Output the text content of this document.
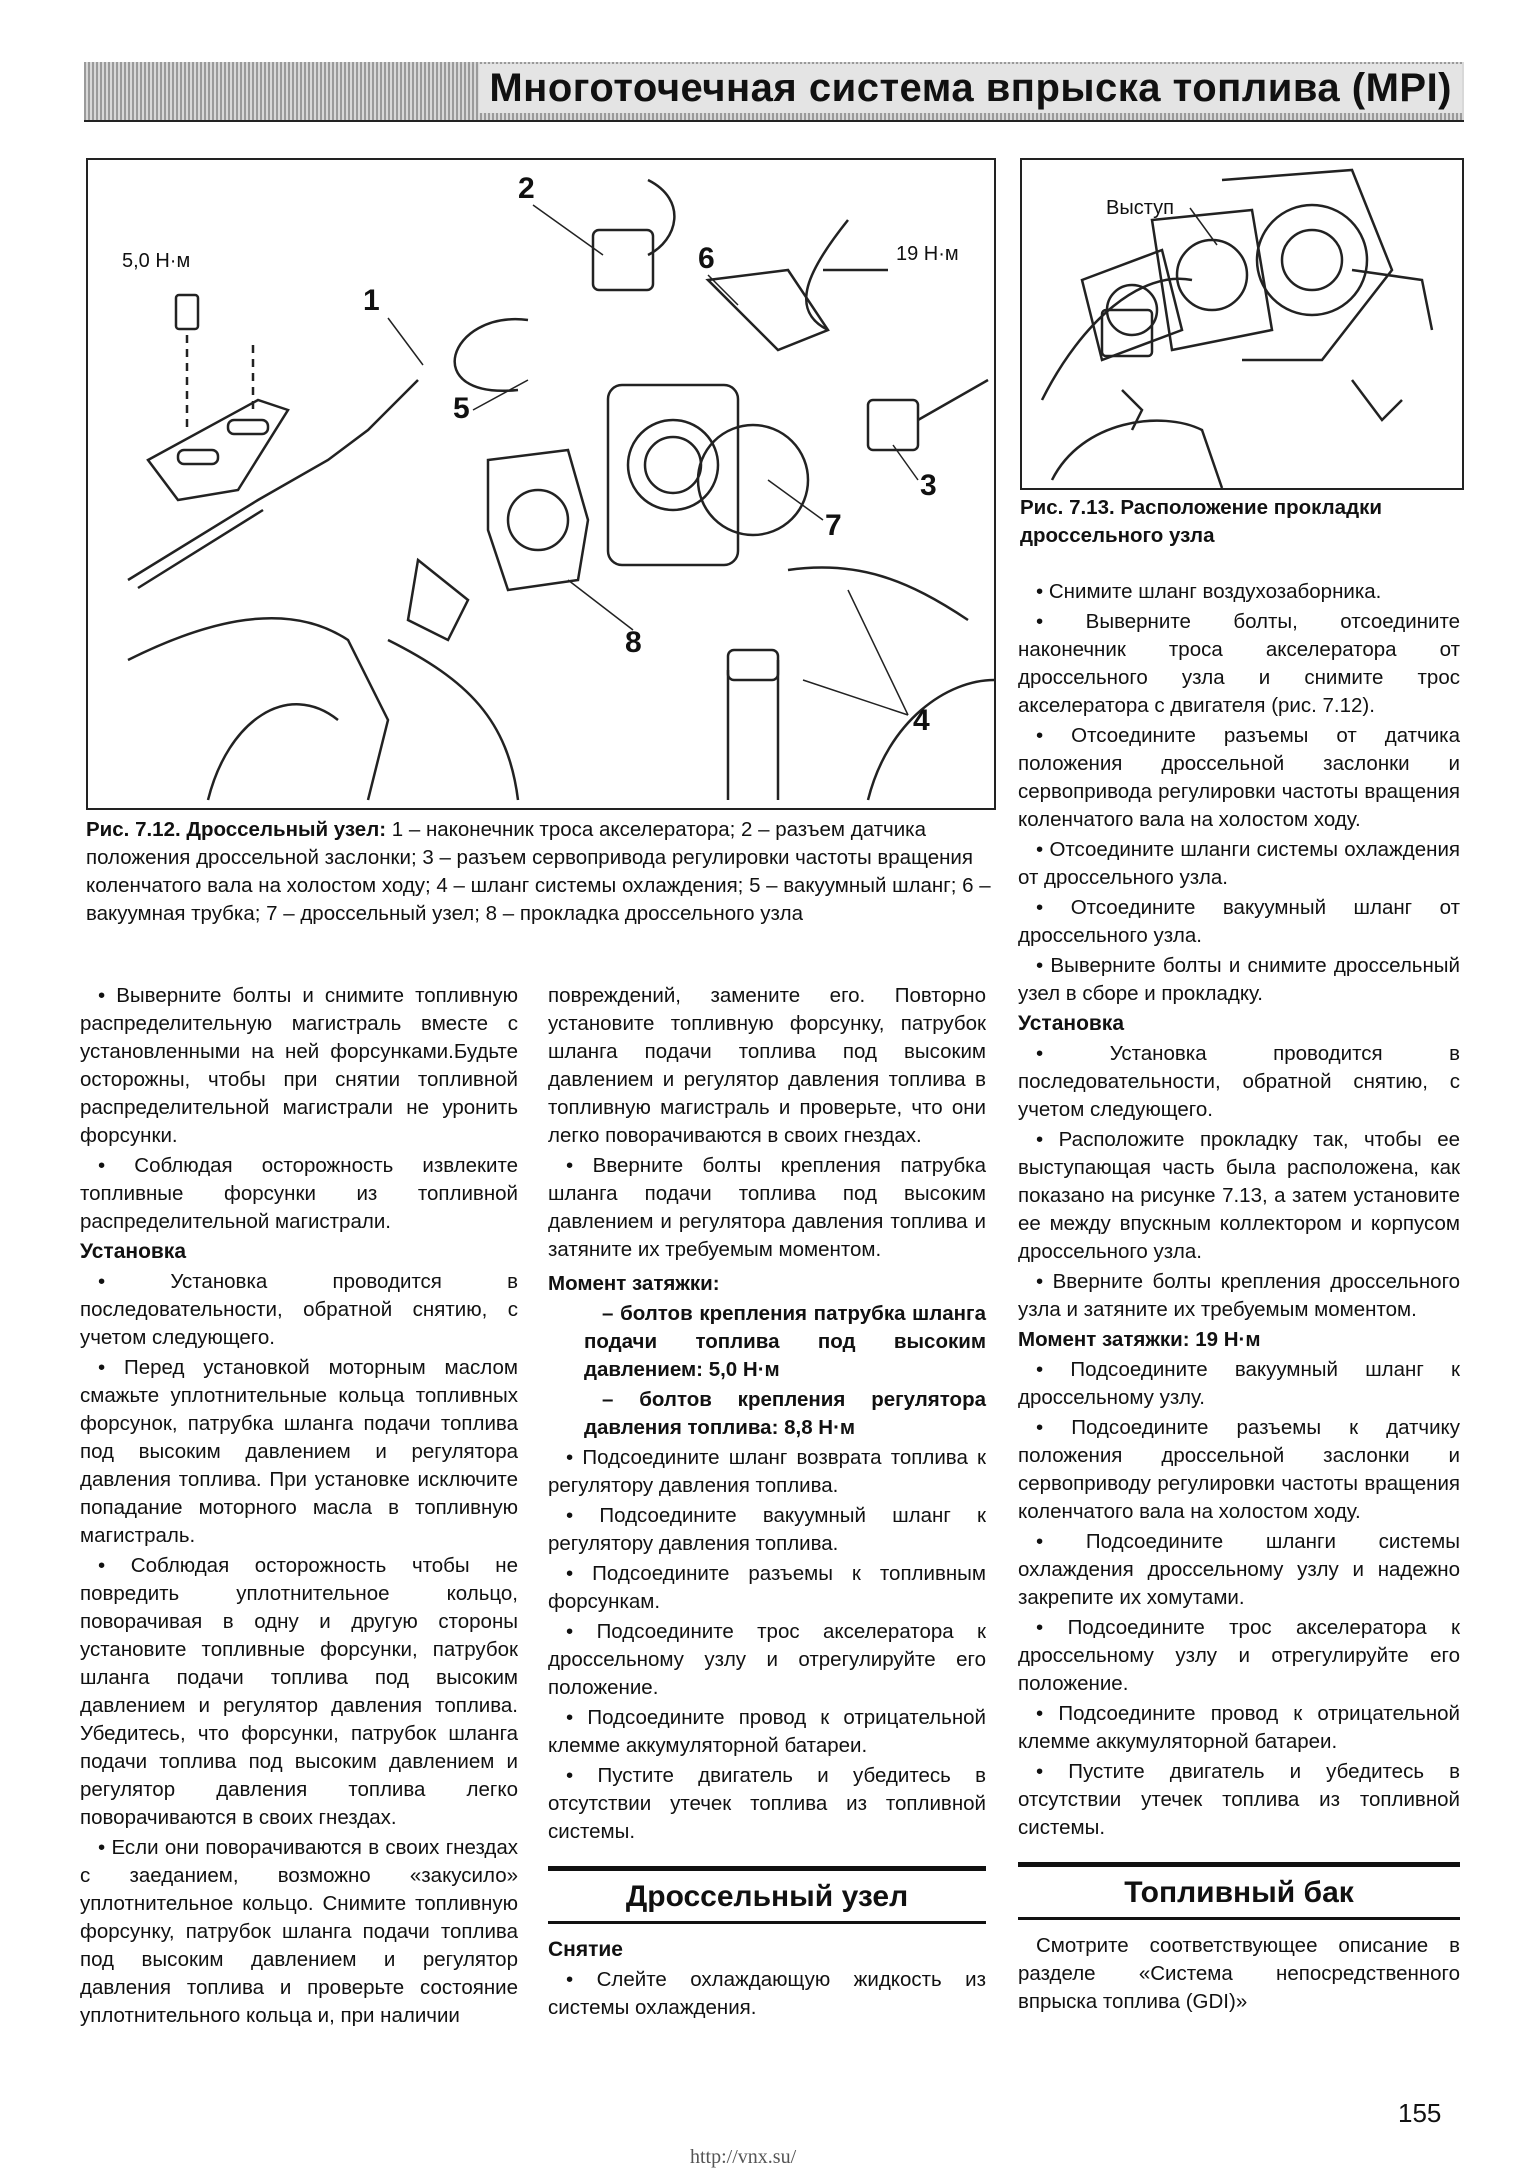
Многоточечная система впрыска топлива (MPI)
2
6
1
5
3
7
8
4
5,0 Н·м	19 Н·м
Рис. 7.12. Дроссельный узел: 1 – наконечник троса акселератора; 2 – разъем датчика положения дроссельной заслонки; 3 – разъем сервопривода регулировки частоты вращения коленчатого вала на холостом ходу; 4 – шланг системы охлаждения; 5 – вакуумный шланг; 6 – вакуумная трубка; 7 – дроссельный узел; 8 – прокладка дроссельного узла
Выступ
Рис. 7.13. Расположение прокладки дроссельного узла

• Выверните болты и снимите топливную распределительную магистраль вместе с установленными на ней форсунками.Будьте осторожны, чтобы при снятии топливной распределительной магистрали не уронить форсунки.

• Соблюдая осторожность извлеките топливные форсунки из топливной распределительной магистрали.

Установка

• Установка проводится в последовательности, обратной снятию, с учетом следующего.

• Перед установкой моторным маслом смажьте уплотнительные кольца топливных форсунок, патрубка шланга подачи топлива под высоким давлением и регулятора давления топлива. При установке исключите попадание моторного масла в топливную магистраль.

• Соблюдая осторожность чтобы не повредить уплотнительное кольцо, поворачивая в одну и другую стороны установите топливные форсунки, патрубок шланга подачи топлива под высоким давлением и регулятор давления топлива. Убедитесь, что форсунки, патрубок шланга подачи топлива под высоким давлением и регулятор давления топлива легко поворачиваются в своих гнездах.

• Если они поворачиваются в своих гнездах с заеданием, возможно «закусило» уплотнительное кольцо. Снимите топливную форсунку, патрубок шланга подачи топлива под высоким давлением и регулятор давления топлива и проверьте состояние уплотнительного кольца и, при наличии

повреждений, замените его. Повторно установите топливную форсунку, патрубок шланга подачи топлива под высоким давлением и регулятор давления топлива в топливную магистраль и проверьте, что они легко поворачиваются в своих гнездах.

• Вверните болты крепления патрубка шланга подачи топлива под высоким давлением и регулятора давления топлива и затяните их требуемым моментом.

Момент затяжки:

– болтов крепления патрубка шланга подачи топлива под высоким давлением: 5,0 Н·м

– болтов крепления регулятора давления топлива: 8,8 Н·м

• Подсоедините шланг возврата топлива к регулятору давления топлива.

• Подсоедините вакуумный шланг к регулятору давления топлива.

• Подсоедините разъемы к топливным форсункам.

• Подсоедините трос акселератора к дроссельному узлу и отрегулируйте его положение.

• Подсоедините провод к отрицательной клемме аккумуляторной батареи.

• Пустите двигатель и убедитесь в отсутствии утечек топлива из топливной системы.

Дроссельный узел

Снятие

• Слейте охлаждающую жидкость из системы охлаждения.

• Снимите шланг воздухозаборника.

• Выверните болты, отсоедините наконечник троса акселератора от дроссельного узла и снимите трос акселератора с двигателя (рис. 7.12).

• Отсоедините разъемы от датчика положения дроссельной заслонки и сервопривода регулировки частоты вращения коленчатого вала на холостом ходу.

• Отсоедините шланги системы охлаждения от дроссельного узла.

• Отсоедините вакуумный шланг от дроссельного узла.

• Выверните болты и снимите дроссельный узел в сборе и прокладку.

Установка

• Установка проводится в последовательности, обратной снятию, с учетом следующего.

• Расположите прокладку так, чтобы ее выступающая часть была расположена, как показано на рисунке 7.13, а затем установите ее между впускным коллектором и корпусом дроссельного узла.

• Вверните болты крепления дроссельного узла и затяните их требуемым моментом.

Момент затяжки: 19 Н·м

• Подсоедините вакуумный шланг к дроссельному узлу.

• Подсоедините разъемы к датчику положения дроссельной заслонки и сервоприводу регулировки частоты вращения коленчатого вала на холостом ходу.

• Подсоедините шланги системы охлаждения дроссельному узлу и надежно закрепите их хомутами.

• Подсоедините трос акселератора к дроссельному узлу и отрегулируйте его положение.

• Подсоедините провод к отрицательной клемме аккумуляторной батареи.

• Пустите двигатель и убедитесь в отсутствии утечек топлива из топливной системы.

Топливный бак

Смотрите соответствующее описание в разделе «Система непосредственного впрыска топлива (GDI)»

155
http://vnx.su/
